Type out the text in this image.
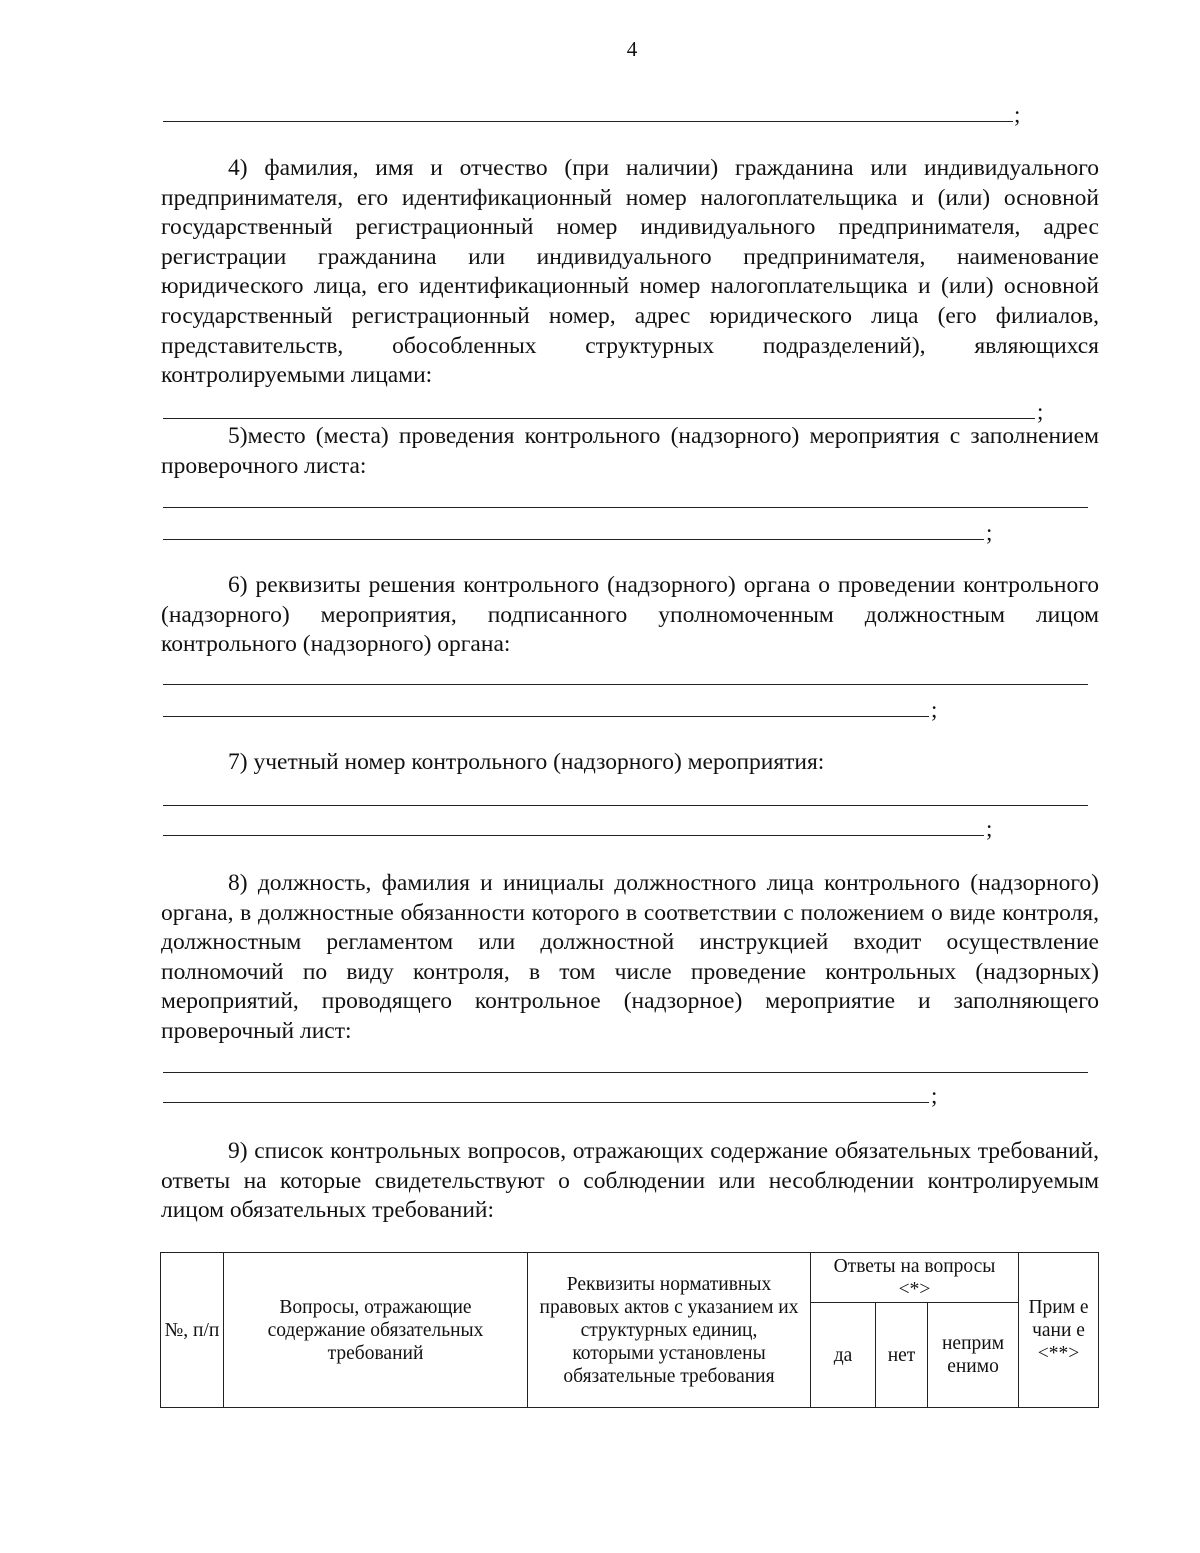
4
;

4) фамилия, имя и отчество (при наличии) гражданина или индивидуального предпринимателя, его идентификационный номер налогоплательщика и (или) основной государственный регистрационный номер индивидуального предпринимателя, адрес регистрации гражданина или индивидуального предпринимателя, наименование юридического лица, его идентификационный номер налогоплательщика и (или) основной государственный регистрационный номер, адрес юридического лица (его филиалов, представительств, обособленных структурных подразделений), являющихся контролируемыми лицами:

;

5)место (места) проведения контрольного (надзорного) мероприятия с заполнением проверочного листа:

;

6) реквизиты решения контрольного (надзорного) органа о проведении контрольного (надзорного) мероприятия, подписанного уполномоченным должностным лицом контрольного (надзорного) органа:

;

7) учетный номер контрольного (надзорного) мероприятия:

;

8) должность, фамилия и инициалы должностного лица контрольного (надзорного) органа, в должностные обязанности которого в соответствии с положением о виде контроля, должностным регламентом или должностной инструкцией входит осуществление полномочий по виду контроля, в том числе проведение контрольных (надзорных) мероприятий, проводящего контрольное (надзорное) мероприятие и заполняющего проверочный лист:

;

9) список контрольных вопросов, отражающих содержание обязательных требований, ответы на которые свидетельствуют о соблюдении или несоблюдении контролируемым лицом обязательных требований:

№, п/п	Вопросы, отражающие содержание обязательных требований	Реквизиты нормативных правовых актов с указанием их структурных единиц, которыми установлены обязательные требования	Ответы на вопросы <*>			Прим ечани е <**>
			да	нет	неприм енимо	
